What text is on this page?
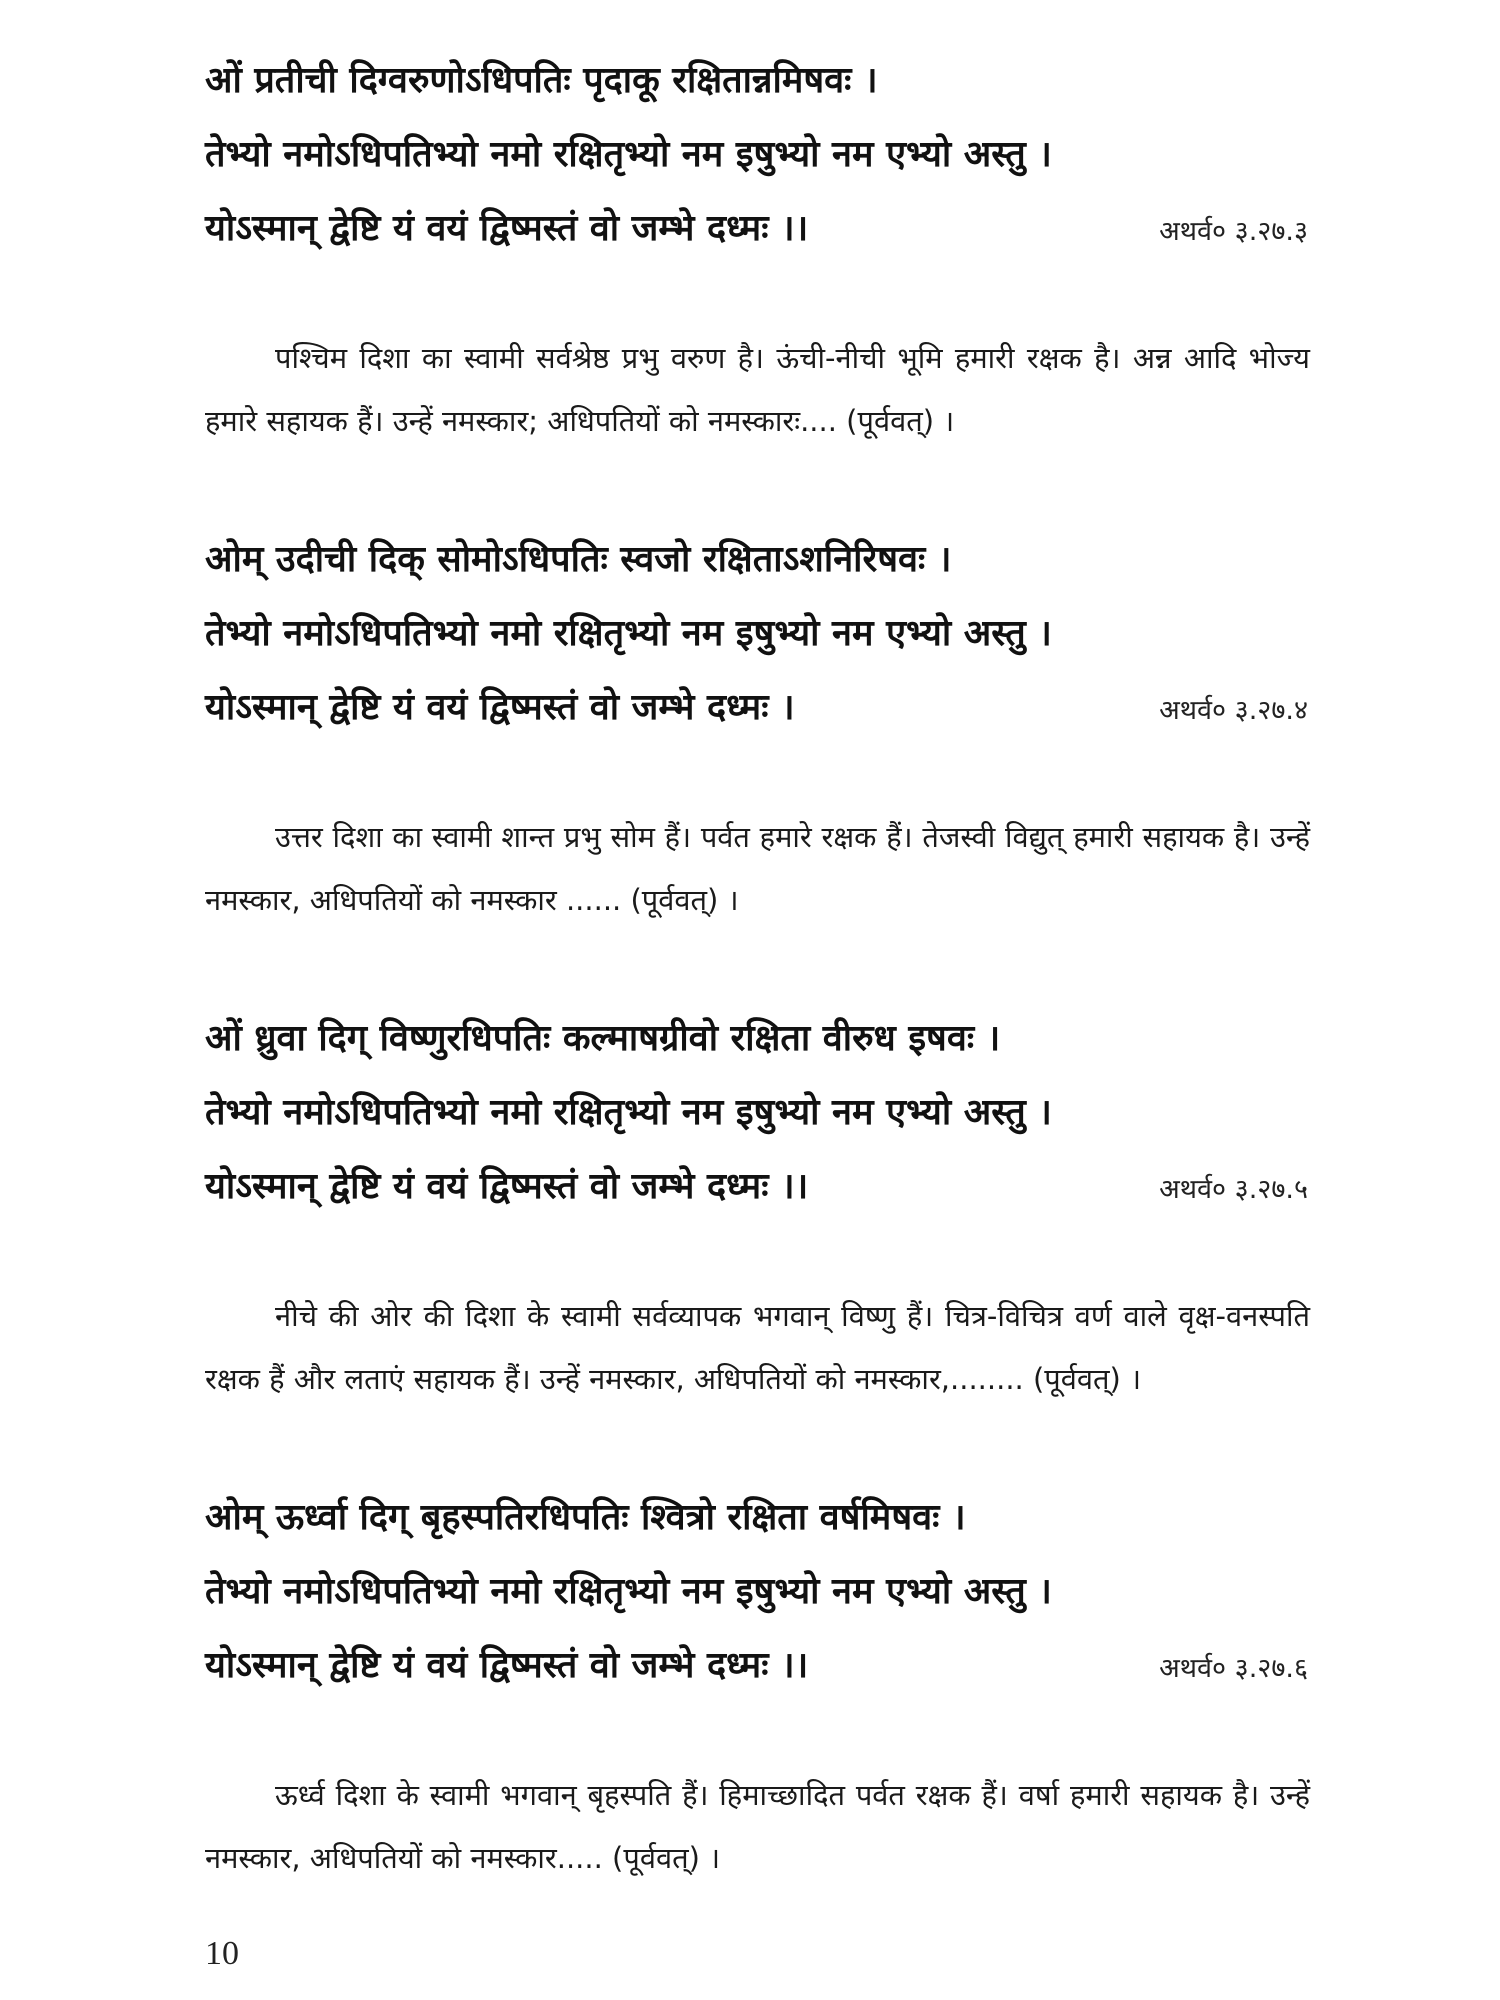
ओं प्रतीची दिग्वरुणोऽधिपतिः पृदाकू रक्षितान्नमिषवः ।
तेभ्यो नमोऽधिपतिभ्यो नमो रक्षितृभ्यो नम इषुभ्यो नम एभ्यो अस्तु ।
योऽस्मान् द्वेष्टि यं वयं द्विष्मस्तं वो जम्भे दध्मः ।।	अथर्व० ३.२७.३
पश्चिम दिशा का स्वामी सर्वश्रेष्ठ प्रभु वरुण है। ऊंची-नीची भूमि हमारी रक्षक है। अन्न आदि भोज्य हमारे सहायक हैं। उन्हें नमस्कार; अधिपतियों को नमस्कारः.... (पूर्ववत्) ।
ओम् उदीची दिक् सोमोऽधिपतिः स्वजो रक्षिताऽशनिरिषवः ।
तेभ्यो नमोऽधिपतिभ्यो नमो रक्षितृभ्यो नम इषुभ्यो नम एभ्यो अस्तु ।
योऽस्मान् द्वेष्टि यं वयं द्विष्मस्तं वो जम्भे दध्मः ।	अथर्व० ३.२७.४
उत्तर दिशा का स्वामी शान्त प्रभु सोम हैं। पर्वत हमारे रक्षक हैं। तेजस्वी विद्युत् हमारी सहायक है। उन्हें नमस्कार, अधिपतियों को नमस्कार ...... (पूर्ववत्) ।
ओं ध्रुवा दिग् विष्णुरधिपतिः कल्माषग्रीवो रक्षिता वीरुध इषवः ।
तेभ्यो नमोऽधिपतिभ्यो नमो रक्षितृभ्यो नम इषुभ्यो नम एभ्यो अस्तु ।
योऽस्मान् द्वेष्टि यं वयं द्विष्मस्तं वो जम्भे दध्मः ।।	अथर्व० ३.२७.५
नीचे की ओर की दिशा के स्वामी सर्वव्यापक भगवान् विष्णु हैं। चित्र-विचित्र वर्ण वाले वृक्ष-वनस्पति रक्षक हैं और लताएं सहायक हैं। उन्हें नमस्कार, अधिपतियों को नमस्कार,........ (पूर्ववत्) ।
ओम् ऊर्ध्वा दिग् बृहस्पतिरधिपतिः श्वित्रो रक्षिता वर्षमिषवः ।
तेभ्यो नमोऽधिपतिभ्यो नमो रक्षितृभ्यो नम इषुभ्यो नम एभ्यो अस्तु ।
योऽस्मान् द्वेष्टि यं वयं द्विष्मस्तं वो जम्भे दध्मः ।।	अथर्व० ३.२७.६
ऊर्ध्व दिशा के स्वामी भगवान् बृहस्पति हैं। हिमाच्छादित पर्वत रक्षक हैं। वर्षा हमारी सहायक है। उन्हें नमस्कार, अधिपतियों को नमस्कार..... (पूर्ववत्) ।
10
